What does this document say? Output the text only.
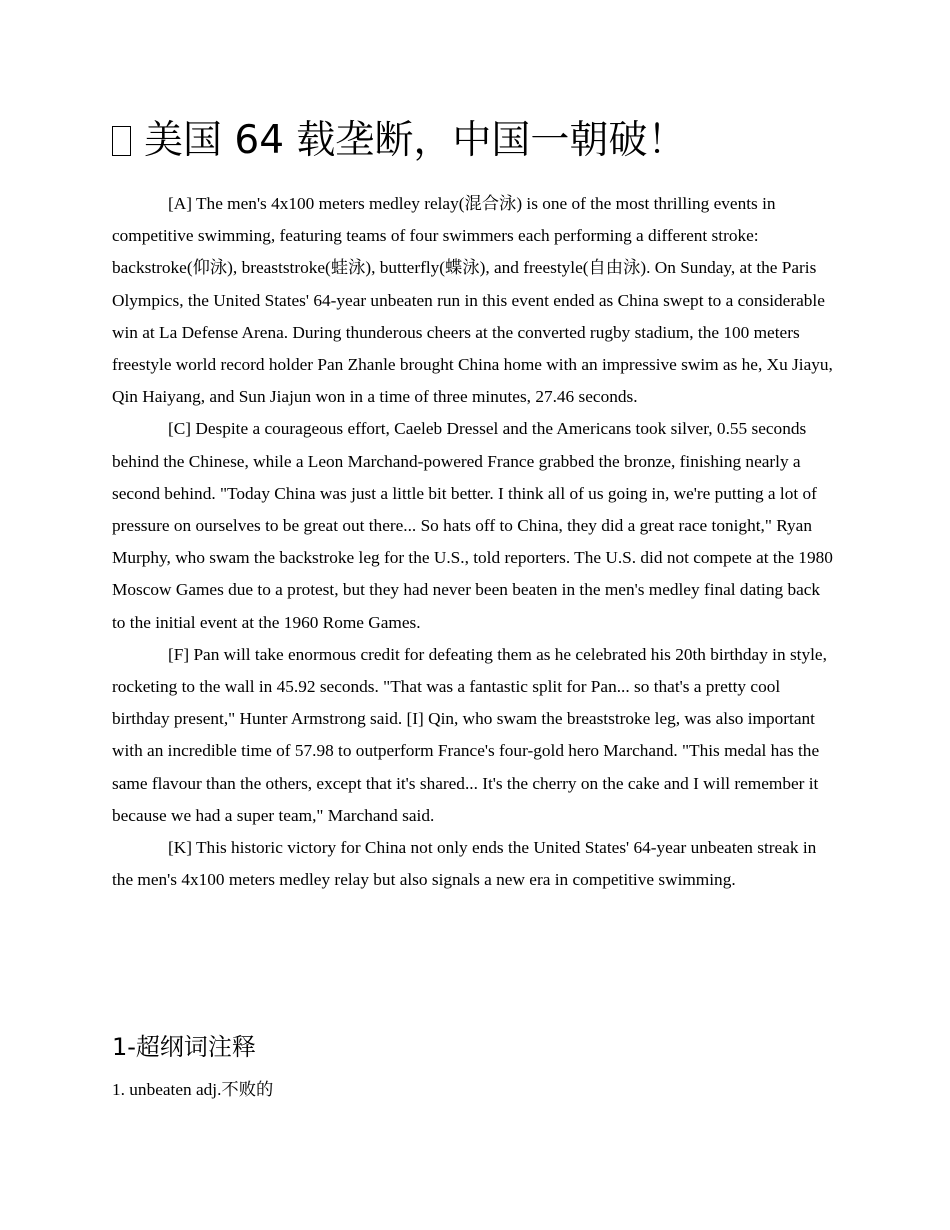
美国 64 载垄断，中国一朝破！

[A] The men's 4x100 meters medley relay(混合泳) is one of the most thrilling events in competitive swimming, featuring teams of four swimmers each performing a different stroke: backstroke(仰泳), breaststroke(蛙泳), butterfly(蝶泳), and freestyle(自由泳). On Sunday, at the Paris Olympics, the United States' 64-year unbeaten run in this event ended as China swept to a considerable win at La Defense Arena. During thunderous cheers at the converted rugby stadium, the 100 meters freestyle world record holder Pan Zhanle brought China home with an impressive swim as he, Xu Jiayu, Qin Haiyang, and Sun Jiajun won in a time of three minutes, 27.46 seconds.

[C] Despite a courageous effort, Caeleb Dressel and the Americans took silver, 0.55 seconds behind the Chinese, while a Leon Marchand-powered France grabbed the bronze, finishing nearly a second behind. "Today China was just a little bit better. I think all of us going in, we're putting a lot of pressure on ourselves to be great out there... So hats off to China, they did a great race tonight," Ryan Murphy, who swam the backstroke leg for the U.S., told reporters. The U.S. did not compete at the 1980 Moscow Games due to a protest, but they had never been beaten in the men's medley final dating back to the initial event at the 1960 Rome Games.

[F] Pan will take enormous credit for defeating them as he celebrated his 20th birthday in style, rocketing to the wall in 45.92 seconds. "That was a fantastic split for Pan... so that's a pretty cool birthday present," Hunter Armstrong said. [I] Qin, who swam the breaststroke leg, was also important with an incredible time of 57.98 to outperform France's four-gold hero Marchand. "This medal has the same flavour than the others, except that it's shared... It's the cherry on the cake and I will remember it because we had a super team," Marchand said.

[K] This historic victory for China not only ends the United States' 64-year unbeaten streak in the men's 4x100 meters medley relay but also signals a new era in competitive swimming.

1-超纲词注释
1. unbeaten adj.不败的
